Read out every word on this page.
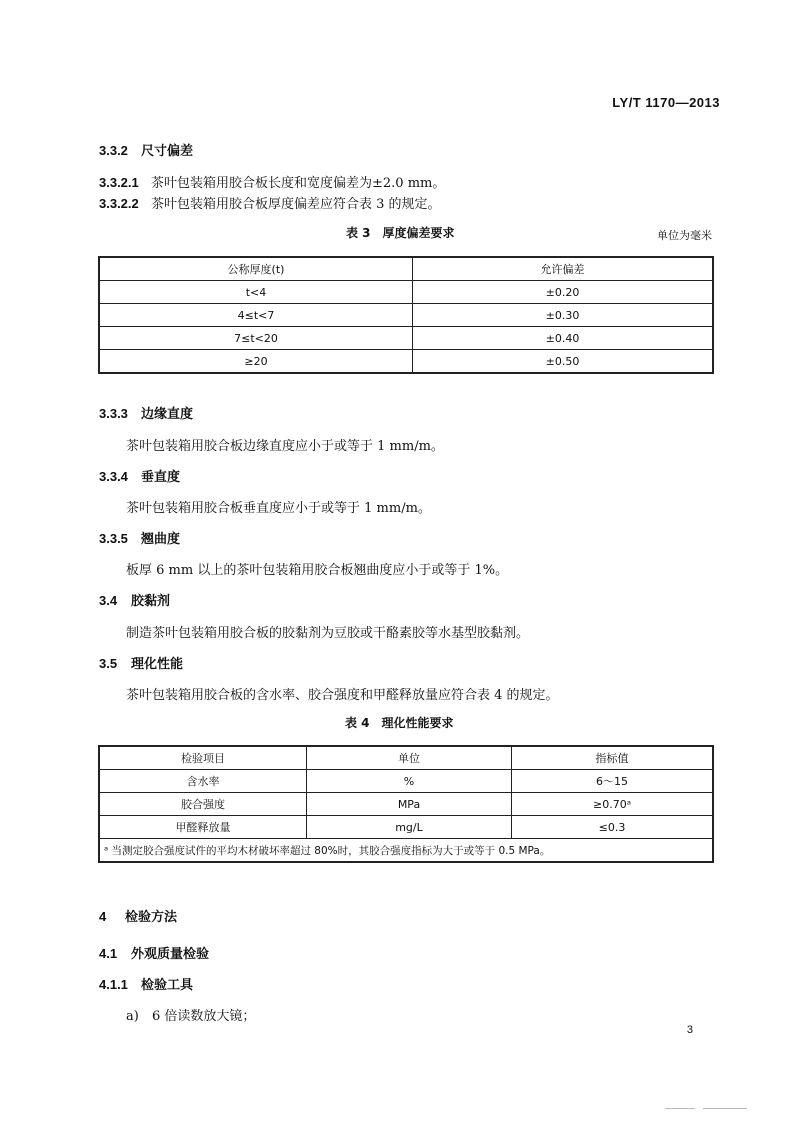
LY/T 1170—2013
3.3.2 尺寸偏差
3.3.2.1 茶叶包装箱用胶合板长度和宽度偏差为±2.0 mm。
3.3.2.2 茶叶包装箱用胶合板厚度偏差应符合表 3 的规定。
表 3　厚度偏差要求	单位为毫米
公称厚度(t)	允许偏差
t<4	±0.20
4≤t<7	±0.30
7≤t<20	±0.40
≥20	±0.50
3.3.3 边缘直度
茶叶包装箱用胶合板边缘直度应小于或等于 1 mm/m。
3.3.4 垂直度
茶叶包装箱用胶合板垂直度应小于或等于 1 mm/m。
3.3.5 翘曲度
板厚 6 mm 以上的茶叶包装箱用胶合板翘曲度应小于或等于 1%。
3.4 胶黏剂
制造茶叶包装箱用胶合板的胶黏剂为豆胶或干酪素胶等水基型胶黏剂。
3.5 理化性能
茶叶包装箱用胶合板的含水率、胶合强度和甲醛释放量应符合表 4 的规定。
表 4　理化性能要求
检验项目	单位	指标值
含水率	%	6～15
胶合强度	MPa	≥0.70ᵃ
甲醛释放量	mg/L	≤0.3
ᵃ 当测定胶合强度试件的平均木材破坏率超过 80%时，其胶合强度指标为大于或等于 0.5 MPa。		
4 检验方法
4.1 外观质量检验
4.1.1 检验工具
a) 6 倍读数放大镜；
3
